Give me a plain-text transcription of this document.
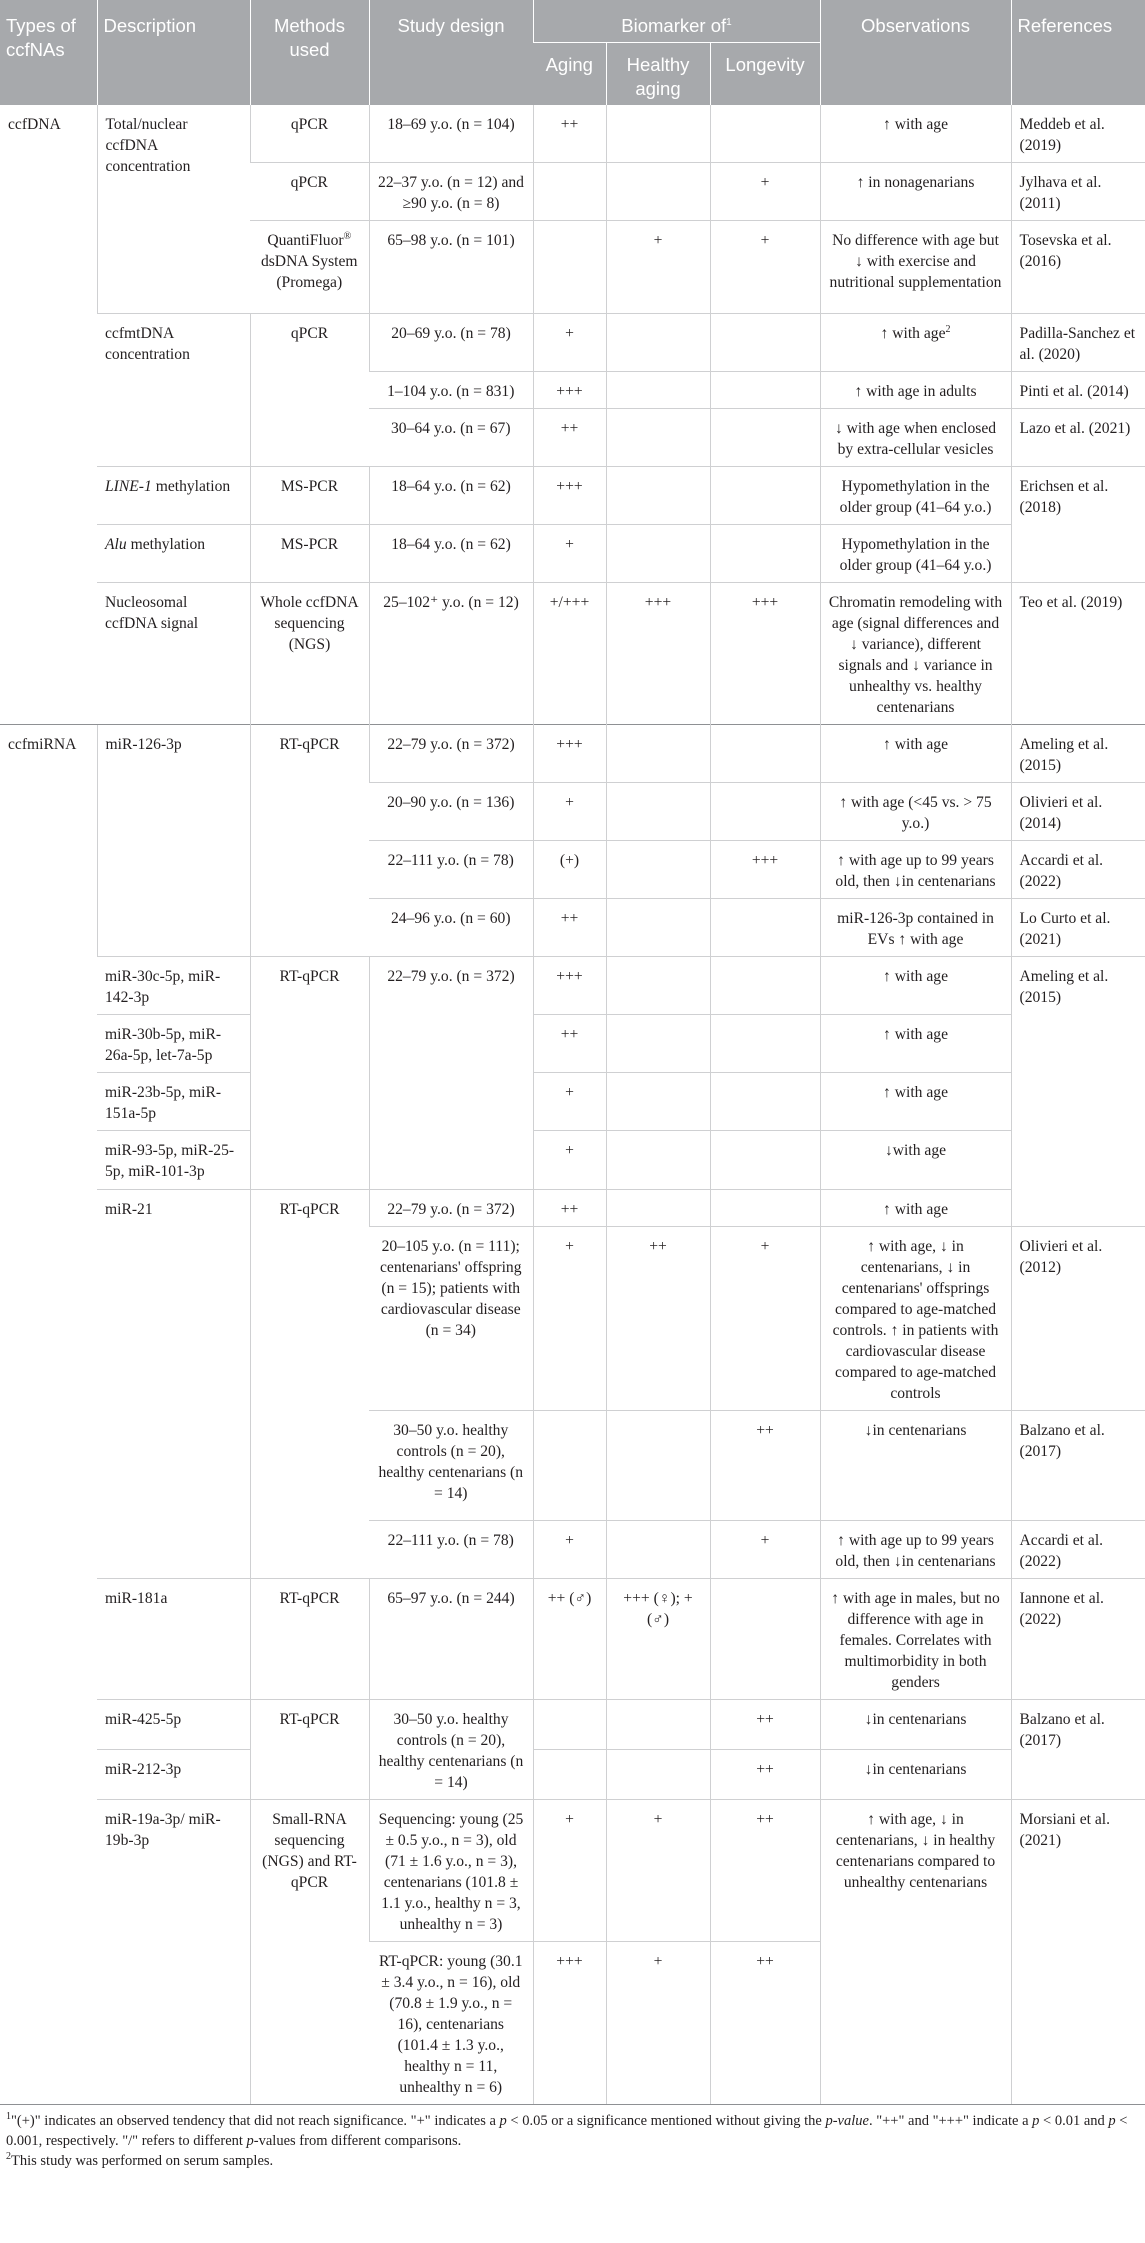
Types of ccfNAs	Description	Methods used	Study design	Biomarker $of^1$			Observations	References
				Aging	Healthy aging	Longevity		
ccfDNA	Total/nuclear ccfDNA concentration	qPCR	18–69 y.o. (n = 104)	++			↑ with age	Meddeb et al. (2019)
		qPCR	22–37 y.o. (n = 12) and ≥90 y.o. (n = 8)			+	↑ in nonagenarians	Jylhava et al. (2011)
		QuantiFluor® dsDNA System (Promega)	65–98 y.o. (n = 101)		+	+	No difference with age but ↓ with exercise and nutritional supplementation	Tosevska et al. (2016)
	ccfmtDNA concentration	qPCR	20–69 y.o. (n = 78)	+			↑ with age$^2$	Padilla-Sanchez et al. (2020)
			1–104 y.o. (n = 831)	+++			↑ with age in adults	Pinti et al. (2014)
			30–64 y.o. (n = 67)	++			↓ with age when enclosed by extra-cellular vesicles	Lazo et al. (2021)
	LINE-1 methylation	MS-PCR	18–64 y.o. (n = 62)	+++			Hypomethylation in the older group (41–64 y.o.)	Erichsen et al. (2018)
	Alu methylation	MS-PCR	18–64 y.o. (n = 62)	+			Hypomethylation in the older group (41–64 y.o.)	
	Nucleosomal ccfDNA signal	Whole ccfDNA sequencing (NGS)	25–102⁺ y.o. (n = 12)	+/+++	+++	+++	Chromatin remodeling with age (signal differences and ↓ variance), different signals and ↓ variance in unhealthy vs. healthy centenarians	Teo et al. (2019)
ccfmiRNA	miR-126-3p	RT-qPCR	22–79 y.o. (n = 372)	+++			↑ with age	Ameling et al. (2015)
			20–90 y.o. (n = 136)	+			↑ with age (<45 vs. > 75 y.o.)	Olivieri et al. (2014)
			22–111 y.o. (n = 78)	(+)		+++	↑ with age up to 99 years old, then ↓in centenarians	Accardi et al. (2022)
			24–96 y.o. (n = 60)	++			miR-126-3p contained in EVs ↑ with age	Lo Curto et al. (2021)
	miR-30c-5p, miR-142-3p	RT-qPCR	22–79 y.o. (n = 372)	+++			↑ with age	Ameling et al. (2015)
	miR-30b-5p, miR-26a-5p, let-7a-5p			++			↑ with age	
	miR-23b-5p, miR-151a-5p			+			↑ with age	
	miR-93-5p, miR-25-5p, miR-101-3p			+			↓with age	
	miR-21	RT-qPCR	22–79 y.o. (n = 372)	++			↑ with age	
			20–105 y.o. (n = 111); centenarians' offspring (n = 15); patients with cardiovascular disease (n = 34)	+	++	+	↑ with age, ↓ in centenarians, ↓ in centenarians' offsprings compared to age-matched controls. ↑ in patients with cardiovascular disease compared to age-matched controls	Olivieri et al. (2012)
			30–50 y.o. healthy controls (n = 20), healthy centenarians (n = 14)			++	↓in centenarians	Balzano et al. (2017)
			22–111 y.o. (n = 78)	+		+	↑ with age up to 99 years old, then ↓in centenarians	Accardi et al. (2022)
	miR-181a	RT-qPCR	65–97 y.o. (n = 244)	++ (♂)	+++ (♀); + (♂)		↑ with age in males, but no difference with age in females. Correlates with multimorbidity in both genders	Iannone et al. (2022)
	miR-425-5p	RT-qPCR	30–50 y.o. healthy controls (n = 20), healthy centenarians (n = 14)			++	↓in centenarians	Balzano et al. (2017)
	miR-212-3p					++	↓in centenarians	
	miR-19a-3p/ miR-19b-3p	Small-RNA sequencing (NGS) and RT-qPCR	Sequencing: young (25 ± 0.5 y.o., n = 3), old (71 ± 1.6 y.o., n = 3), centenarians (101.8 ± 1.1 y.o., healthy n = 3, unhealthy n = 3)	+	+	++	↑ with age, ↓ in centenarians, ↓ in healthy centenarians compared to unhealthy centenarians	Morsiani et al. (2021)
			RT-qPCR: young (30.1 ± 3.4 y.o., n = 16), old (70.8 ± 1.9 y.o., n = 16), centenarians (101.4 ± 1.3 y.o., healthy n = 11, unhealthy n = 6)	+++	+	++		

$^1$"(+)" indicates an observed tendency that did not reach significance. "+" indicates a p < 0.05 or a significance mentioned without giving the p-value. "++" and "+++" indicate a p < 0.01 and p < 0.001, respectively. "/" refers to different p-values from different comparisons.

$^2$This study was performed on serum samples.
